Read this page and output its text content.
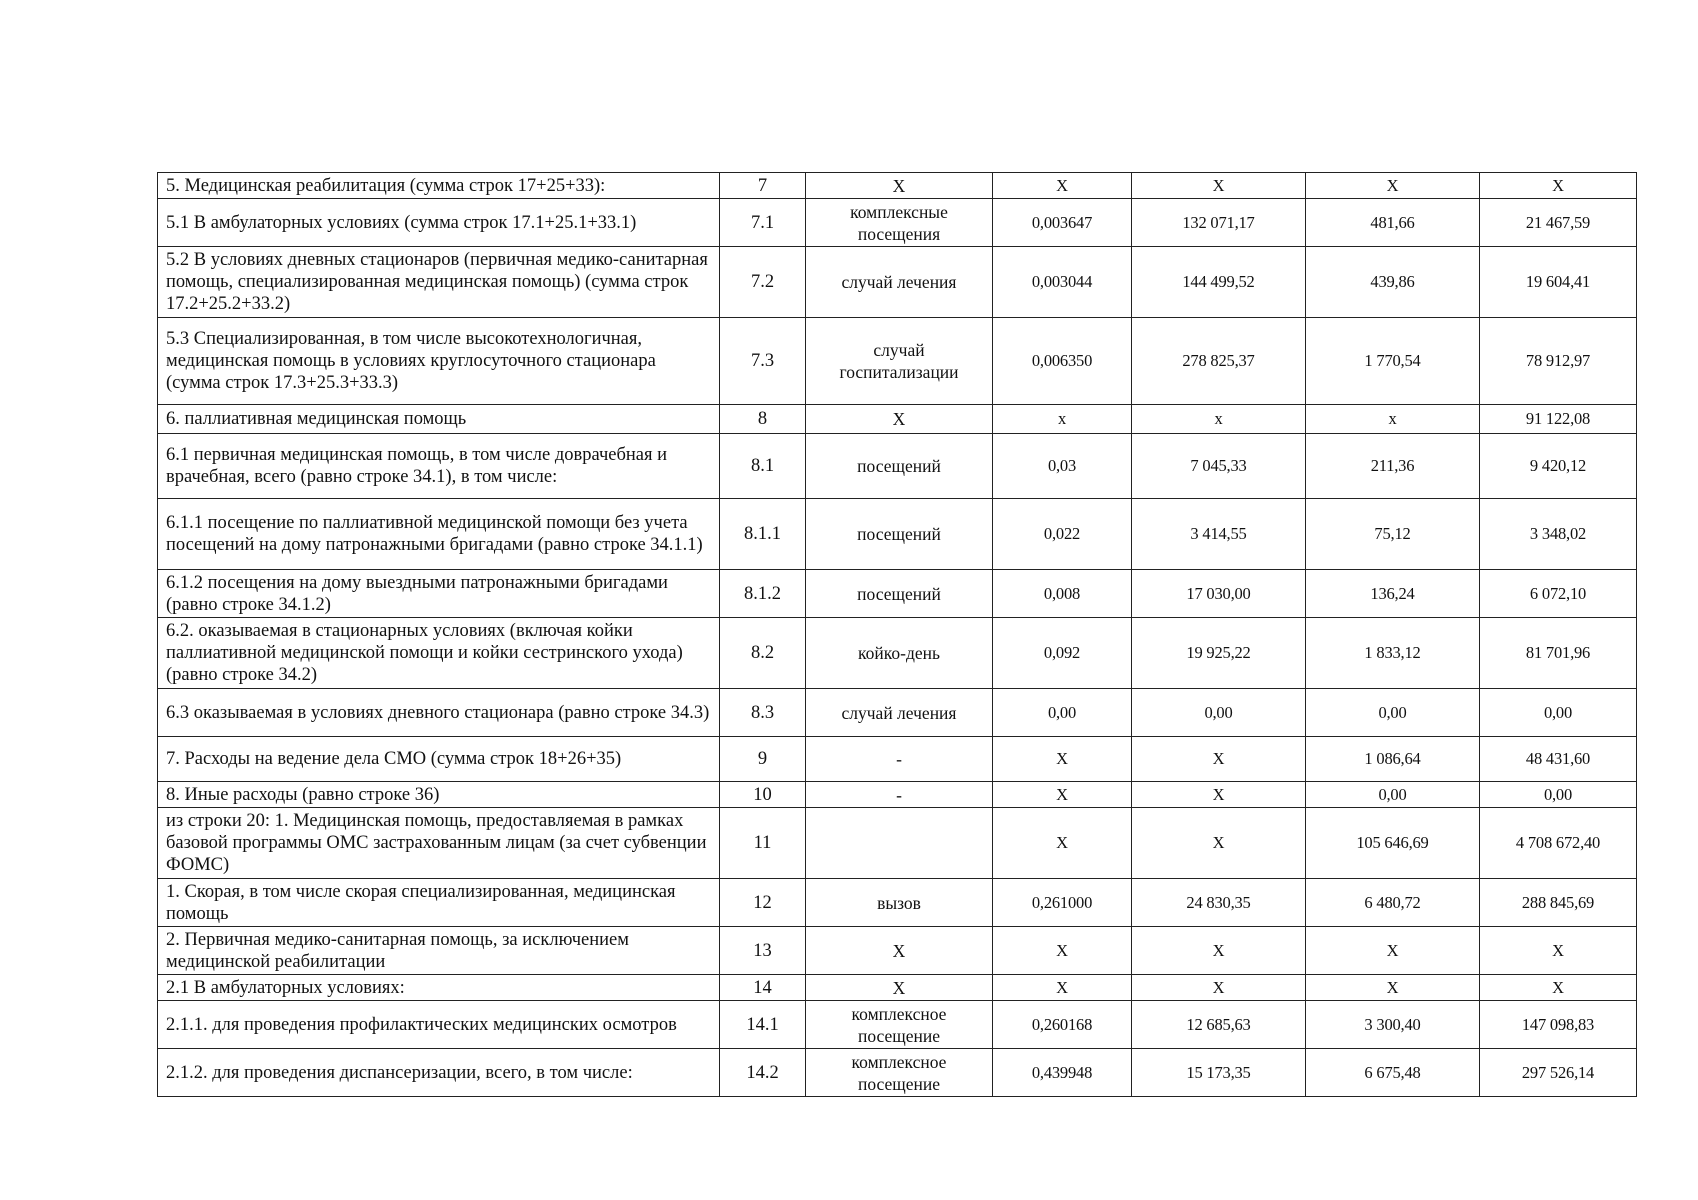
5. Медицинская реабилитация (сумма строк 17+25+33):	7	X	X	X	X	X
5.1 В амбулаторных условиях (сумма строк 17.1+25.1+33.1)	7.1	комплексные посещения	0,003647	132 071,17	481,66	21 467,59
5.2 В условиях дневных стационаров (первичная медико-санитарная помощь, специализированная медицинская помощь) (сумма строк 17.2+25.2+33.2)	7.2	случай лечения	0,003044	144 499,52	439,86	19 604,41
5.3 Специализированная, в том числе высокотехнологичная, медицинская помощь в условиях круглосуточного стационара (сумма строк 17.3+25.3+33.3)	7.3	случай госпитализации	0,006350	278 825,37	1 770,54	78 912,97
6. паллиативная медицинская помощь	8	X	x	x	x	91 122,08
6.1 первичная медицинская помощь, в том числе доврачебная и врачебная, всего (равно строке 34.1), в том числе:	8.1	посещений	0,03	7 045,33	211,36	9 420,12
6.1.1 посещение по паллиативной медицинской помощи без учета посещений на дому патронажными бригадами (равно строке 34.1.1)	8.1.1	посещений	0,022	3 414,55	75,12	3 348,02
6.1.2 посещения на дому выездными патронажными бригадами (равно строке 34.1.2)	8.1.2	посещений	0,008	17 030,00	136,24	6 072,10
6.2. оказываемая в стационарных условиях (включая койки паллиативной медицинской помощи и койки сестринского ухода) (равно строке 34.2)	8.2	койко-день	0,092	19 925,22	1 833,12	81 701,96
6.3 оказываемая в условиях дневного стационара (равно строке 34.3)	8.3	случай лечения	0,00	0,00	0,00	0,00
7. Расходы на ведение дела СМО (сумма строк 18+26+35)	9	-	X	X	1 086,64	48 431,60
8. Иные расходы (равно строке 36)	10	-	X	X	0,00	0,00
из строки 20: 1. Медицинская помощь, предоставляемая в рамках базовой программы ОМС застрахованным лицам (за счет субвенции ФОМС)	11		X	X	105 646,69	4 708 672,40
1. Скорая, в том числе скорая специализированная, медицинская помощь	12	вызов	0,261000	24 830,35	6 480,72	288 845,69
2. Первичная медико-санитарная помощь, за исключением медицинской реабилитации	13	X	X	X	X	X
2.1 В амбулаторных условиях:	14	X	X	X	X	X
2.1.1. для проведения профилактических медицинских осмотров	14.1	комплексное посещение	0,260168	12 685,63	3 300,40	147 098,83
2.1.2. для проведения диспансеризации, всего, в том числе:	14.2	комплексное посещение	0,439948	15 173,35	6 675,48	297 526,14
